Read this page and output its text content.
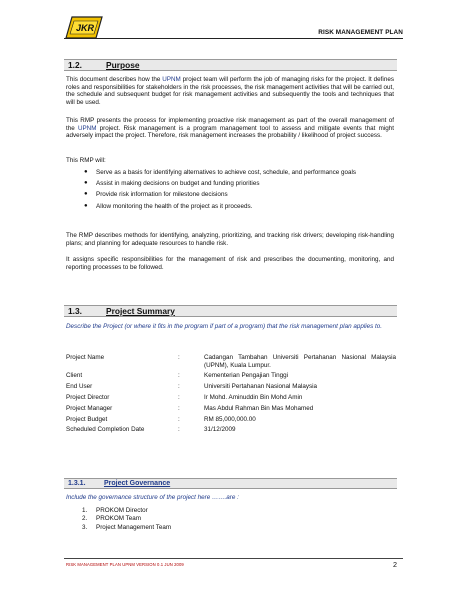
JKR	RISK MANAGEMENT PLAN
1.2.	Purpose

This document describes how the UPNM project team will perform the job of managing risks for the project. It defines roles and responsibilities for stakeholders in the risk processes, the risk management activities that will be carried out, the schedule and subsequent budget for risk management activities and subsequently the tools and techniques that will be used.

This RMP presents the process for implementing proactive risk management as part of the overall management of the UPNM project. Risk management is a program management tool to assess and mitigate events that might adversely impact the project. Therefore, risk management increases the probability / likelihood of project success.

This RMP will:

● Serve as a basis for identifying alternatives to achieve cost, schedule, and performance goals
● Assist in making decisions on budget and funding priorities
● Provide risk information for milestone decisions
● Allow monitoring the health of the project as it proceeds.

The RMP describes methods for identifying, analyzing, prioritizing, and tracking risk drivers; developing risk-handling plans; and planning for adequate resources to handle risk.

It assigns specific responsibilities for the management of risk and prescribes the documenting, monitoring, and reporting processes to be followed.

1.3.	Project Summary

Describe the Project (or where it fits in the program if part of a program) that the risk management plan applies to.

Project Name	:	Cadangan Tambahan Universiti Pertahanan Nasional Malaysia (UPNM), Kuala Lumpur.
Client	:	Kementerian Pengajian Tinggi
End User	:	Universiti Pertahanan Nasional Malaysia
Project Director	:	Ir Mohd. Aminuddin Bin Mohd Amin
Project Manager	:	Mas Abdul Rahman Bin Mas Mohamed
Project Budget	:	RM 85,000,000.00
Scheduled Completion Date	:	31/12/2009
1.3.1.	Project Governance

Include the governance structure of the project here …….are :

1.	PROKOM Director
2.	PROKOM Team
3.	Project Management Team
RISK MANAGEMENT PLAN UPNM VERSION 0.1 JUN 2009	2
